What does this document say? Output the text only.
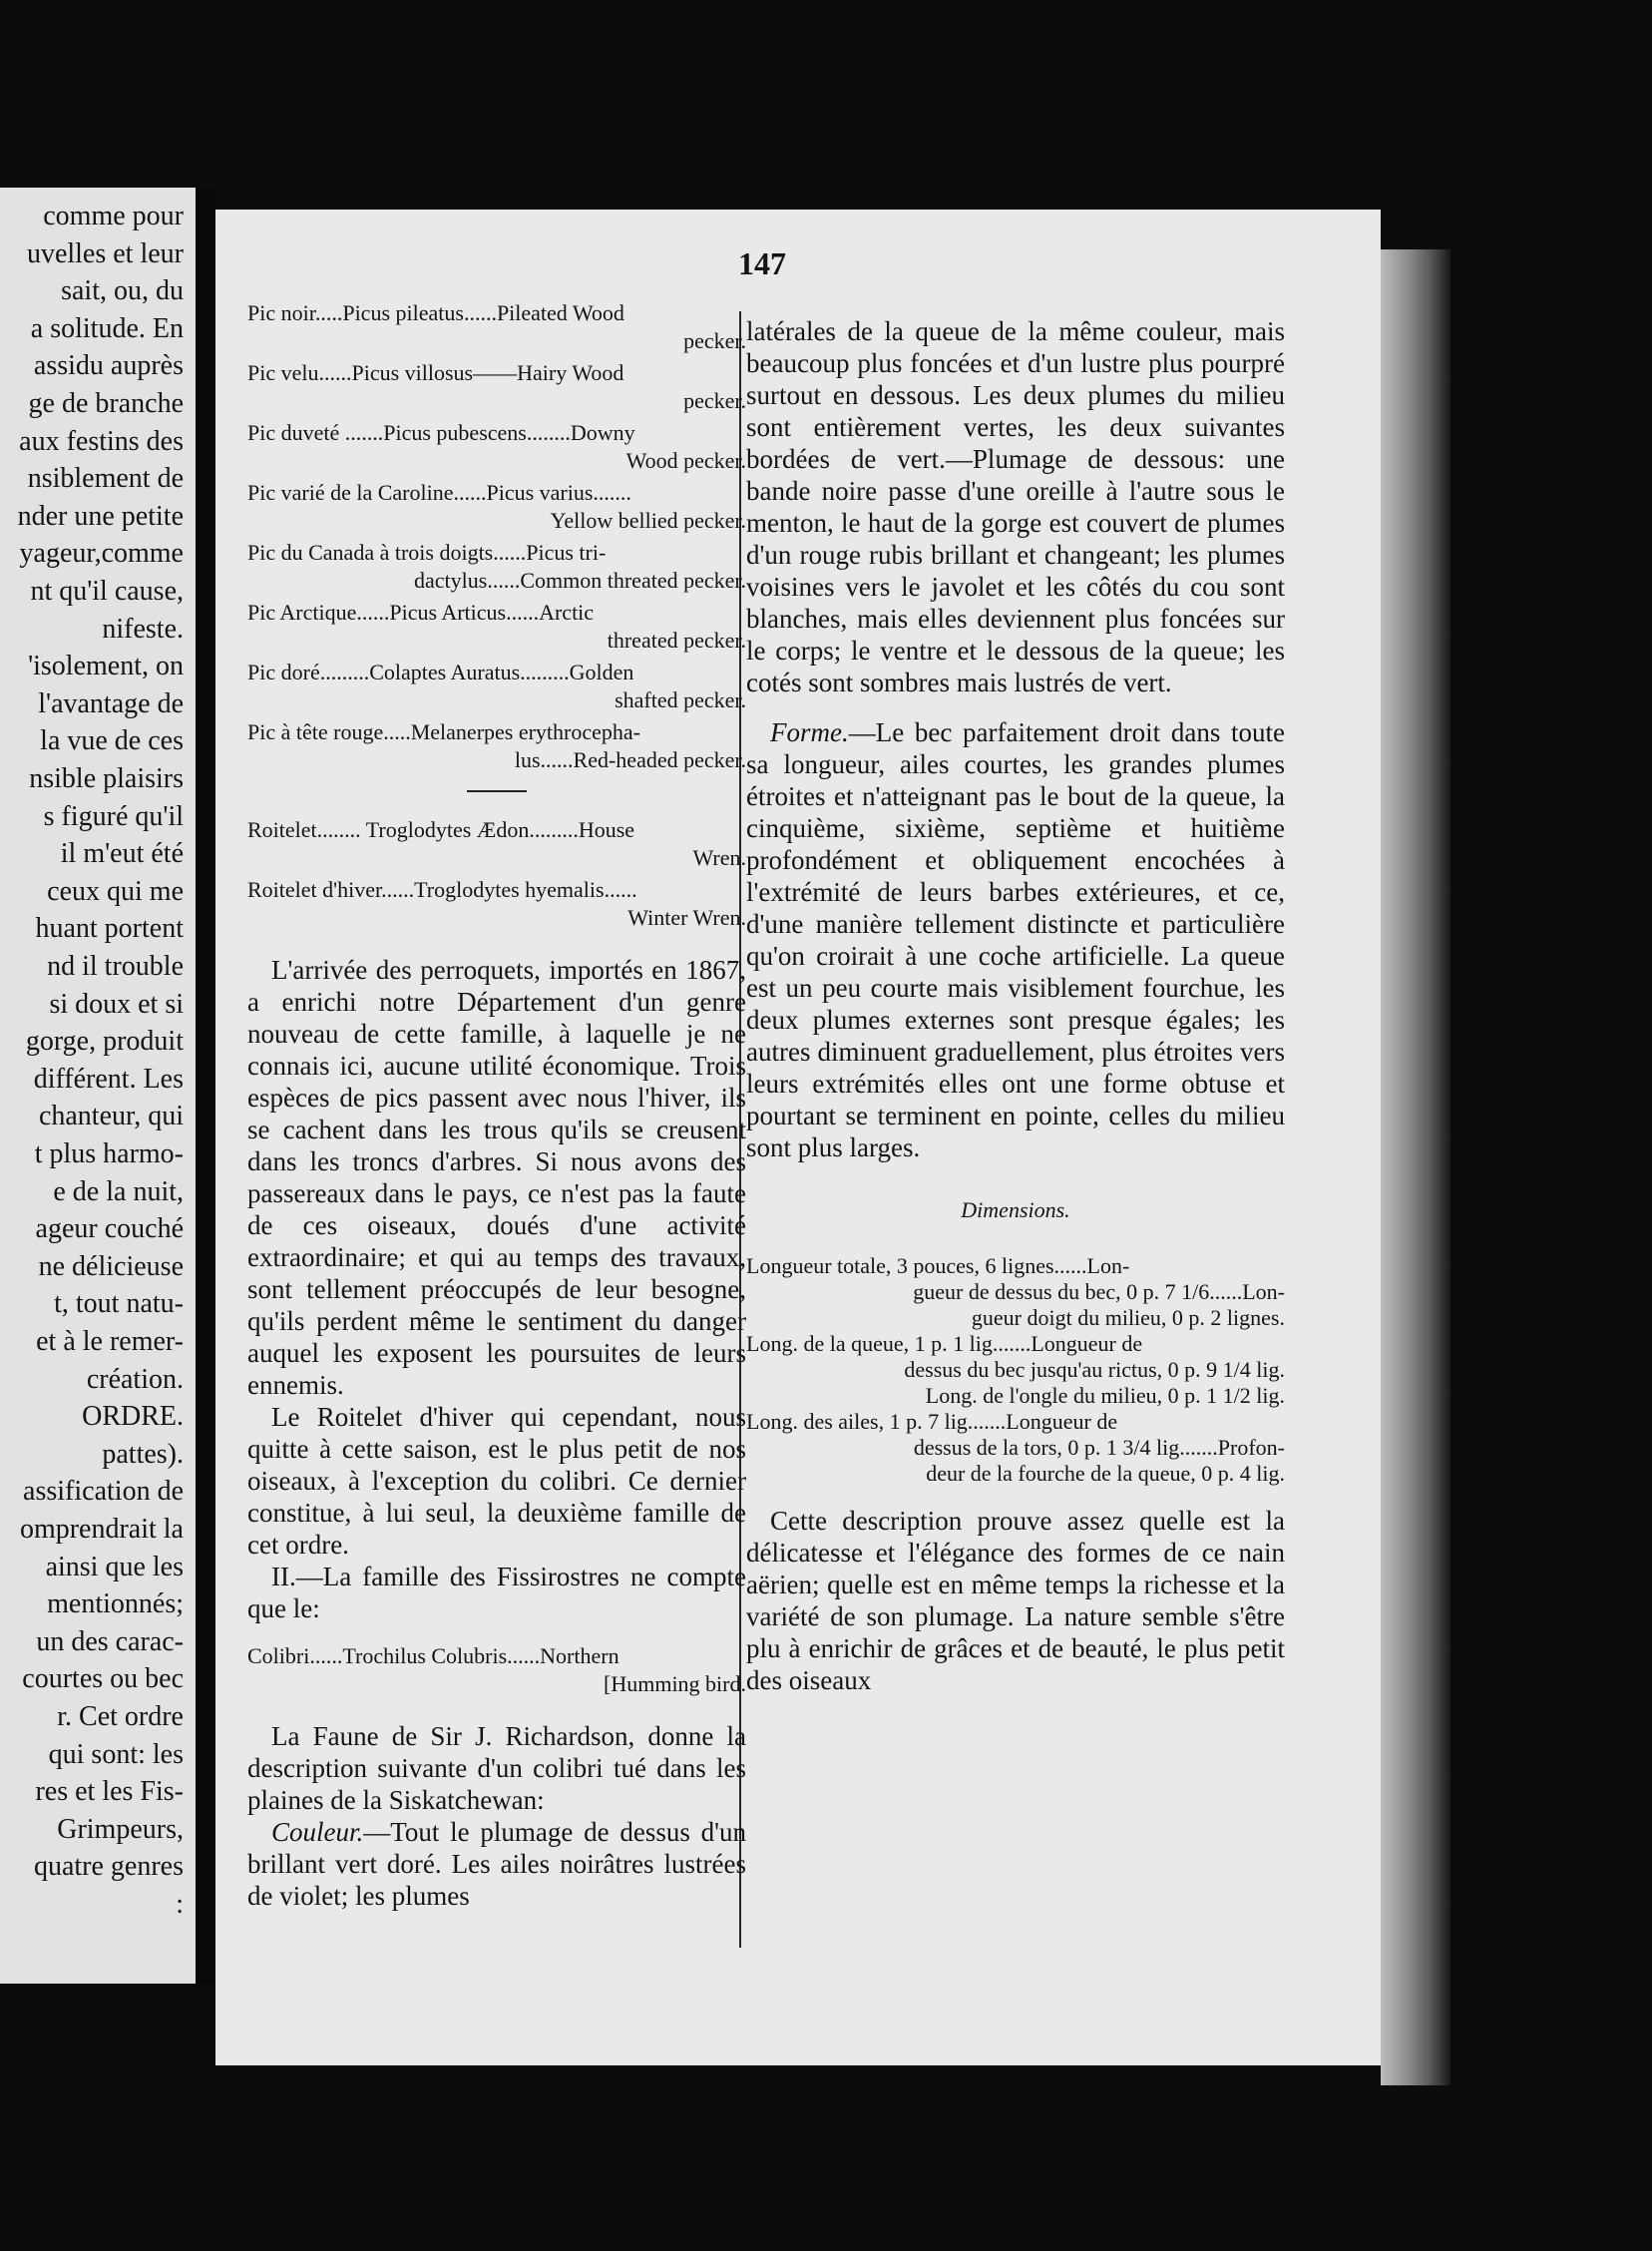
comme pour
uvelles et leur
sait, ou, du
a solitude. En
assidu auprès
ge de branche
aux festins des
nsiblement de
nder une petite
yageur,comme
nt qu'il cause,
nifeste.
'isolement, on
l'avantage de
la vue de ces
nsible plaisirs
s figuré qu'il
il m'eut été
ceux qui me
huant portent
nd il trouble
si doux et si
gorge, produit
différent. Les
chanteur, qui
t plus harmo-
e de la nuit,
ageur couché
ne délicieuse
t, tout natu-
et à le remer-
création.
ORDRE.
pattes).
assification de
omprendrait la
ainsi que les
mentionnés;
un des carac-
courtes ou bec
r. Cet ordre
qui sont: les
res et les Fis-
Grimpeurs,
quatre genres
:
147
Pic noir.....Picus pileatus......Pileated Wood
pecker.
Pic velu......Picus villosus——Hairy Wood
pecker.
Pic duveté .......Picus pubescens........Downy
Wood pecker.
Pic varié de la Caroline......Picus varius.......
Yellow bellied pecker.
Pic du Canada à trois doigts......Picus tri-
dactylus......Common threated pecker.
Pic Arctique......Picus Articus......Arctic
threated pecker.
Pic doré.........Colaptes Auratus.........Golden
shafted pecker.
Pic à tête rouge.....Melanerpes erythrocepha-
lus......Red-headed pecker.
Roitelet........ Troglodytes Ædon.........House
Wren.
Roitelet d'hiver......Troglodytes hyemalis......
Winter Wren.

L'arrivée des perroquets, importés en 1867, a enrichi notre Département d'un genre nouveau de cette famille, à laquelle je ne connais ici, aucune utilité économique. Trois espèces de pics passent avec nous l'hiver, ils se cachent dans les trous qu'ils se creusent dans les troncs d'arbres. Si nous avons des passereaux dans le pays, ce n'est pas la faute de ces oiseaux, doués d'une activité extraordinaire; et qui au temps des travaux, sont tellement préoccupés de leur besogne, qu'ils perdent même le sentiment du danger auquel les exposent les poursuites de leurs ennemis.

Le Roitelet d'hiver qui cependant, nous quitte à cette saison, est le plus petit de nos oiseaux, à l'exception du colibri. Ce dernier constitue, à lui seul, la deuxième famille de cet ordre.

II.—La famille des Fissirostres ne compte que le:

Colibri......Trochilus Colubris......Northern
[Humming bird.

La Faune de Sir J. Richardson, donne la description suivante d'un colibri tué dans les plaines de la Siskatchewan:

Couleur.—Tout le plumage de dessus d'un brillant vert doré. Les ailes noirâtres lustrées de violet; les plumes

latérales de la queue de la même couleur, mais beaucoup plus foncées et d'un lustre plus pourpré surtout en dessous. Les deux plumes du milieu sont entièrement vertes, les deux suivantes bordées de vert.—Plumage de dessous: une bande noire passe d'une oreille à l'autre sous le menton, le haut de la gorge est couvert de plumes d'un rouge rubis brillant et changeant; les plumes voisines vers le javolet et les côtés du cou sont blanches, mais elles deviennent plus foncées sur le corps; le ventre et le dessous de la queue; les cotés sont sombres mais lustrés de vert.

Forme.—Le bec parfaitement droit dans toute sa longueur, ailes courtes, les grandes plumes étroites et n'atteignant pas le bout de la queue, la cinquième, sixième, septième et huitième profondément et obliquement encochées à l'extrémité de leurs barbes extérieures, et ce, d'une manière tellement distincte et particulière qu'on croirait à une coche artificielle. La queue est un peu courte mais visiblement fourchue, les deux plumes externes sont presque égales; les autres diminuent graduellement, plus étroites vers leurs extrémités elles ont une forme obtuse et pourtant se terminent en pointe, celles du milieu sont plus larges.

Dimensions.

Longueur totale, 3 pouces, 6 lignes......Lon-
gueur de dessus du bec, 0 p. 7 1/6......Lon-

gueur doigt du milieu, 0 p. 2 lignes.

Long. de la queue, 1 p. 1 lig.......Longueur de
dessus du bec jusqu'au rictus, 0 p. 9 1/4 lig.

Long. de l'ongle du milieu, 0 p. 1 1/2 lig.

Long. des ailes, 1 p. 7 lig.......Longueur de
dessus de la tors, 0 p. 1 3/4 lig.......Profon-

deur de la fourche de la queue, 0 p. 4 lig.

Cette description prouve assez quelle est la délicatesse et l'élégance des formes de ce nain aërien; quelle est en même temps la richesse et la variété de son plumage. La nature semble s'être plu à enrichir de grâces et de beauté, le plus petit des oiseaux
